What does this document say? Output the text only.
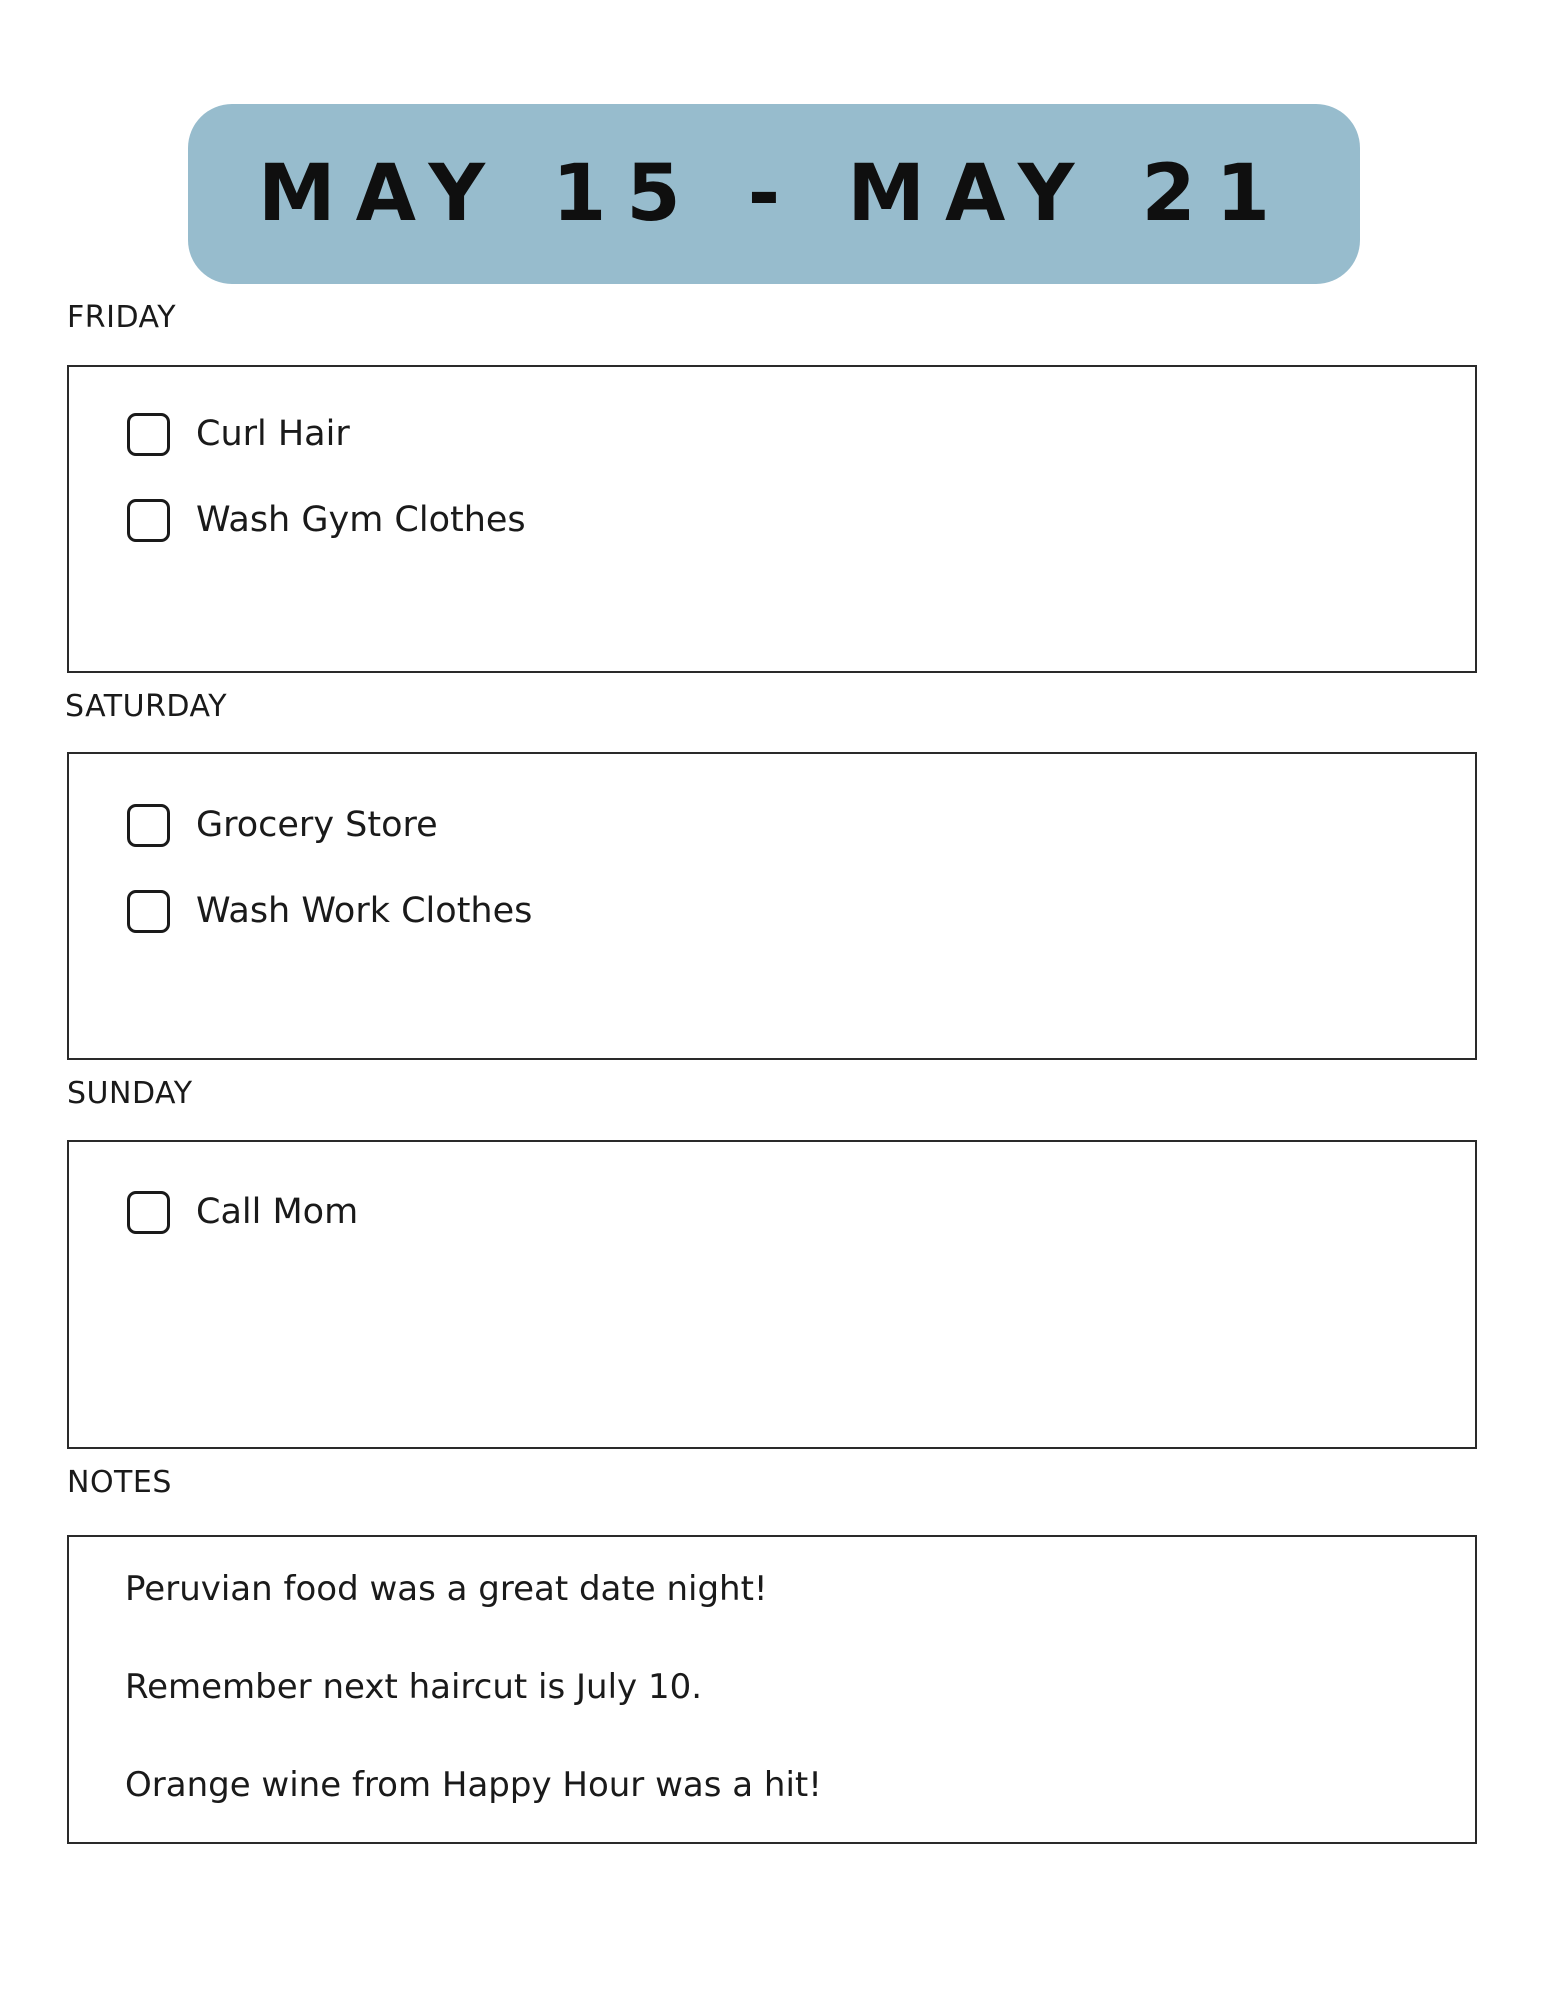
MAY 15 - MAY 21
FRIDAY
Curl Hair
Wash Gym Clothes
SATURDAY
Grocery Store
Wash Work Clothes
SUNDAY
Call Mom
NOTES
Peruvian food was a great date night!
Remember next haircut is July 10.
Orange wine from Happy Hour was a hit!
